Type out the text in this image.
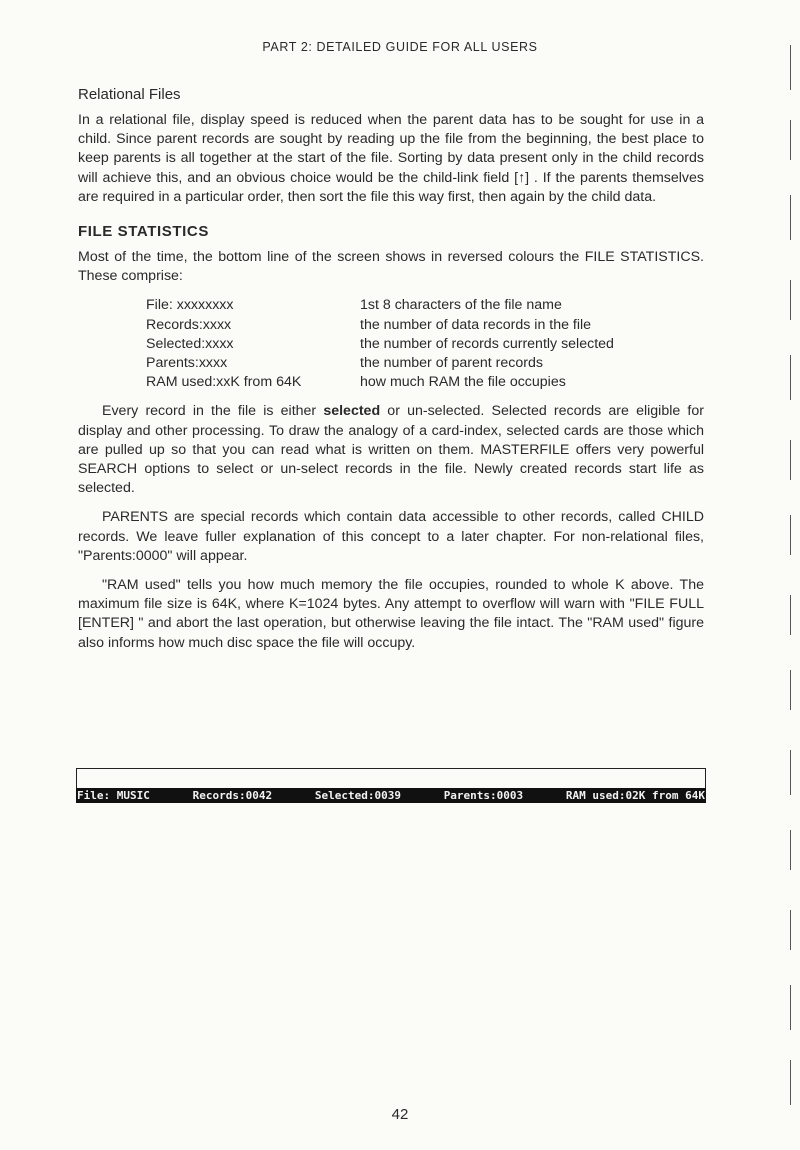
PART 2: DETAILED GUIDE FOR ALL USERS
Relational Files

In a relational file, display speed is reduced when the parent data has to be sought for use in a child. Since parent records are sought by reading up the file from the beginning, the best place to keep parents is all together at the start of the file. Sorting by data present only in the child records will achieve this, and an obvious choice would be the child-link field [↑] . If the parents themselves are required in a particular order, then sort the file this way first, then again by the child data.

FILE STATISTICS

Most of the time, the bottom line of the screen shows in reversed colours the FILE STATISTICS. These comprise:

File: xxxxxxxx	1st 8 characters of the file name
Records:xxxx	the number of data records in the file
Selected:xxxx	the number of records currently selected
Parents:xxxx	the number of parent records
RAM used:xxK from 64K	how much RAM the file occupies

Every record in the file is either selected or un-selected. Selected records are eligible for display and other processing. To draw the analogy of a card-index, selected cards are those which are pulled up so that you can read what is written on them. MASTERFILE offers very powerful SEARCH options to select or un-select records in the file. Newly created records start life as selected.

PARENTS are special records which contain data accessible to other records, called CHILD records. We leave fuller explanation of this concept to a later chapter. For non-relational files, "Parents:0000" will appear.

"RAM used" tells you how much memory the file occupies, rounded to whole K above. The maximum file size is 64K, where K=1024 bytes. Any attempt to overflow will warn with "FILE FULL [ENTER] " and abort the last operation, but otherwise leaving the file intact. The "RAM used" figure also informs how much disc space the file will occupy.

File: MUSIC	Records:0042	Selected:0039	Parents:0003	RAM used:02K from 64K
42
